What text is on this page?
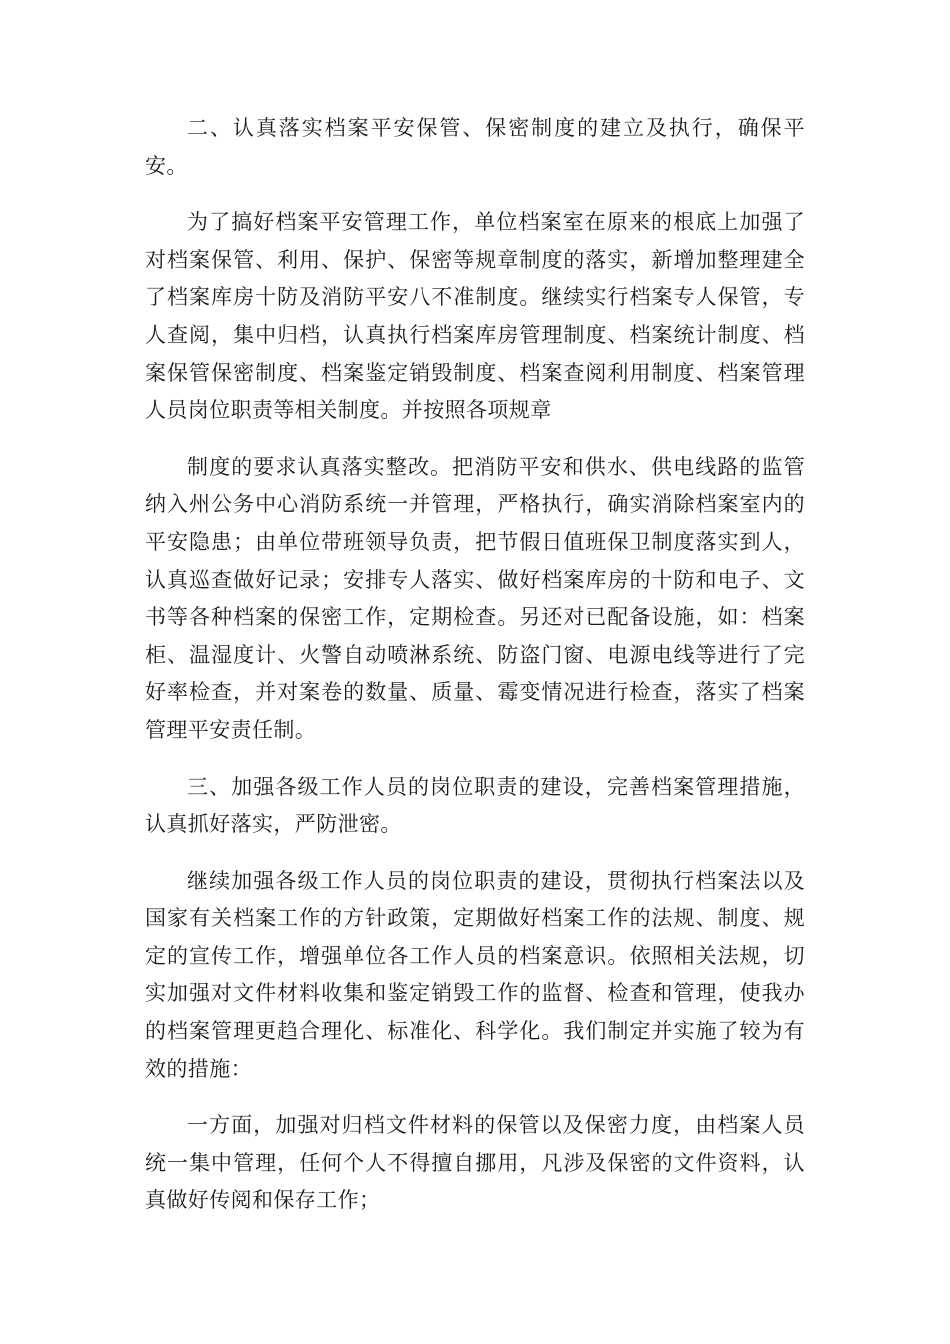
二、认真落实档案平安保管、保密制度的建立及执行，确保平安。

为了搞好档案平安管理工作，单位档案室在原来的根底上加强了对档案保管、利用、保护、保密等规章制度的落实，新增加整理建全了档案库房十防及消防平安八不准制度。继续实行档案专人保管，专人查阅，集中归档，认真执行档案库房管理制度、档案统计制度、档案保管保密制度、档案鉴定销毁制度、档案查阅利用制度、档案管理人员岗位职责等相关制度。并按照各项规章

制度的要求认真落实整改。把消防平安和供水、供电线路的监管纳入州公务中心消防系统一并管理，严格执行，确实消除档案室内的平安隐患；由单位带班领导负责，把节假日值班保卫制度落实到人，认真巡查做好记录；安排专人落实、做好档案库房的十防和电子、文书等各种档案的保密工作，定期检查。另还对已配备设施，如：档案柜、温湿度计、火警自动喷淋系统、防盗门窗、电源电线等进行了完好率检查，并对案卷的数量、质量、霉变情况进行检查，落实了档案管理平安责任制。

三、加强各级工作人员的岗位职责的建设，完善档案管理措施，认真抓好落实，严防泄密。

继续加强各级工作人员的岗位职责的建设，贯彻执行档案法以及国家有关档案工作的方针政策，定期做好档案工作的法规、制度、规定的宣传工作，增强单位各工作人员的档案意识。依照相关法规，切实加强对文件材料收集和鉴定销毁工作的监督、检查和管理，使我办的档案管理更趋合理化、标准化、科学化。我们制定并实施了较为有效的措施：

一方面，加强对归档文件材料的保管以及保密力度，由档案人员统一集中管理，任何个人不得擅自挪用，凡涉及保密的文件资料，认真做好传阅和保存工作；
